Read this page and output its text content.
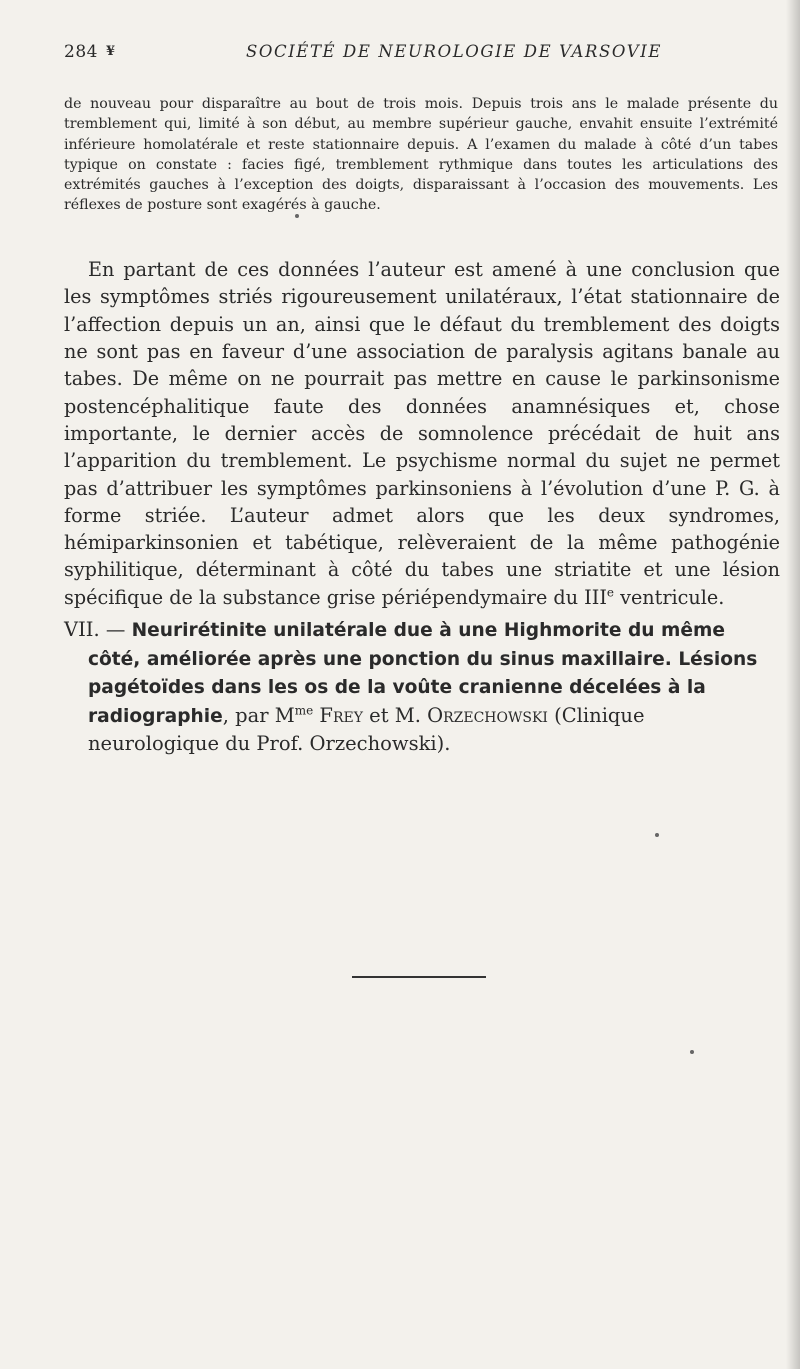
284 ¥	SOCIÉTÉ DE NEUROLOGIE DE VARSOVIE

de nouveau pour disparaître au bout de trois mois. Depuis trois ans le malade présente du tremblement qui, limité à son début, au membre supérieur gauche, envahit ensuite l’extrémité inférieure homolatérale et reste stationnaire depuis. A l’examen du malade à côté d’un tabes typique on constate : facies figé, tremblement rythmique dans toutes les articulations des extrémités gauches à l’exception des doigts, disparaissant à l’occasion des mouvements. Les réflexes de posture sont exagérés à gauche.

En partant de ces données l’auteur est amené à une conclusion que les symptômes striés rigoureusement unilatéraux, l’état stationnaire de l’affection depuis un an, ainsi que le défaut du tremblement des doigts ne sont pas en faveur d’une association de paralysis agitans banale au tabes. De même on ne pourrait pas mettre en cause le parkinsonisme postencéphalitique faute des données anamnésiques et, chose importante, le dernier accès de somnolence précédait de huit ans l’apparition du tremblement. Le psychisme normal du sujet ne permet pas d’attribuer les symptômes parkinsoniens à l’évolution d’une P. G. à forme striée. L’auteur admet alors que les deux syndromes, hémiparkinsonien et tabétique, relèveraient de la même pathogénie syphilitique, déterminant à côté du tabes une striatite et une lésion spécifique de la substance grise périépendymaire du IIIe ventricule.

VII. — Neurirétinite unilatérale due à une Highmorite du même côté, améliorée après une ponction du sinus maxillaire. Lésions pagétoïdes dans les os de la voûte cranienne décelées à la radiographie, par $M^{me}$ Frey et M. Orzechowski (Clinique neurologique du Prof. Orzechowski).
